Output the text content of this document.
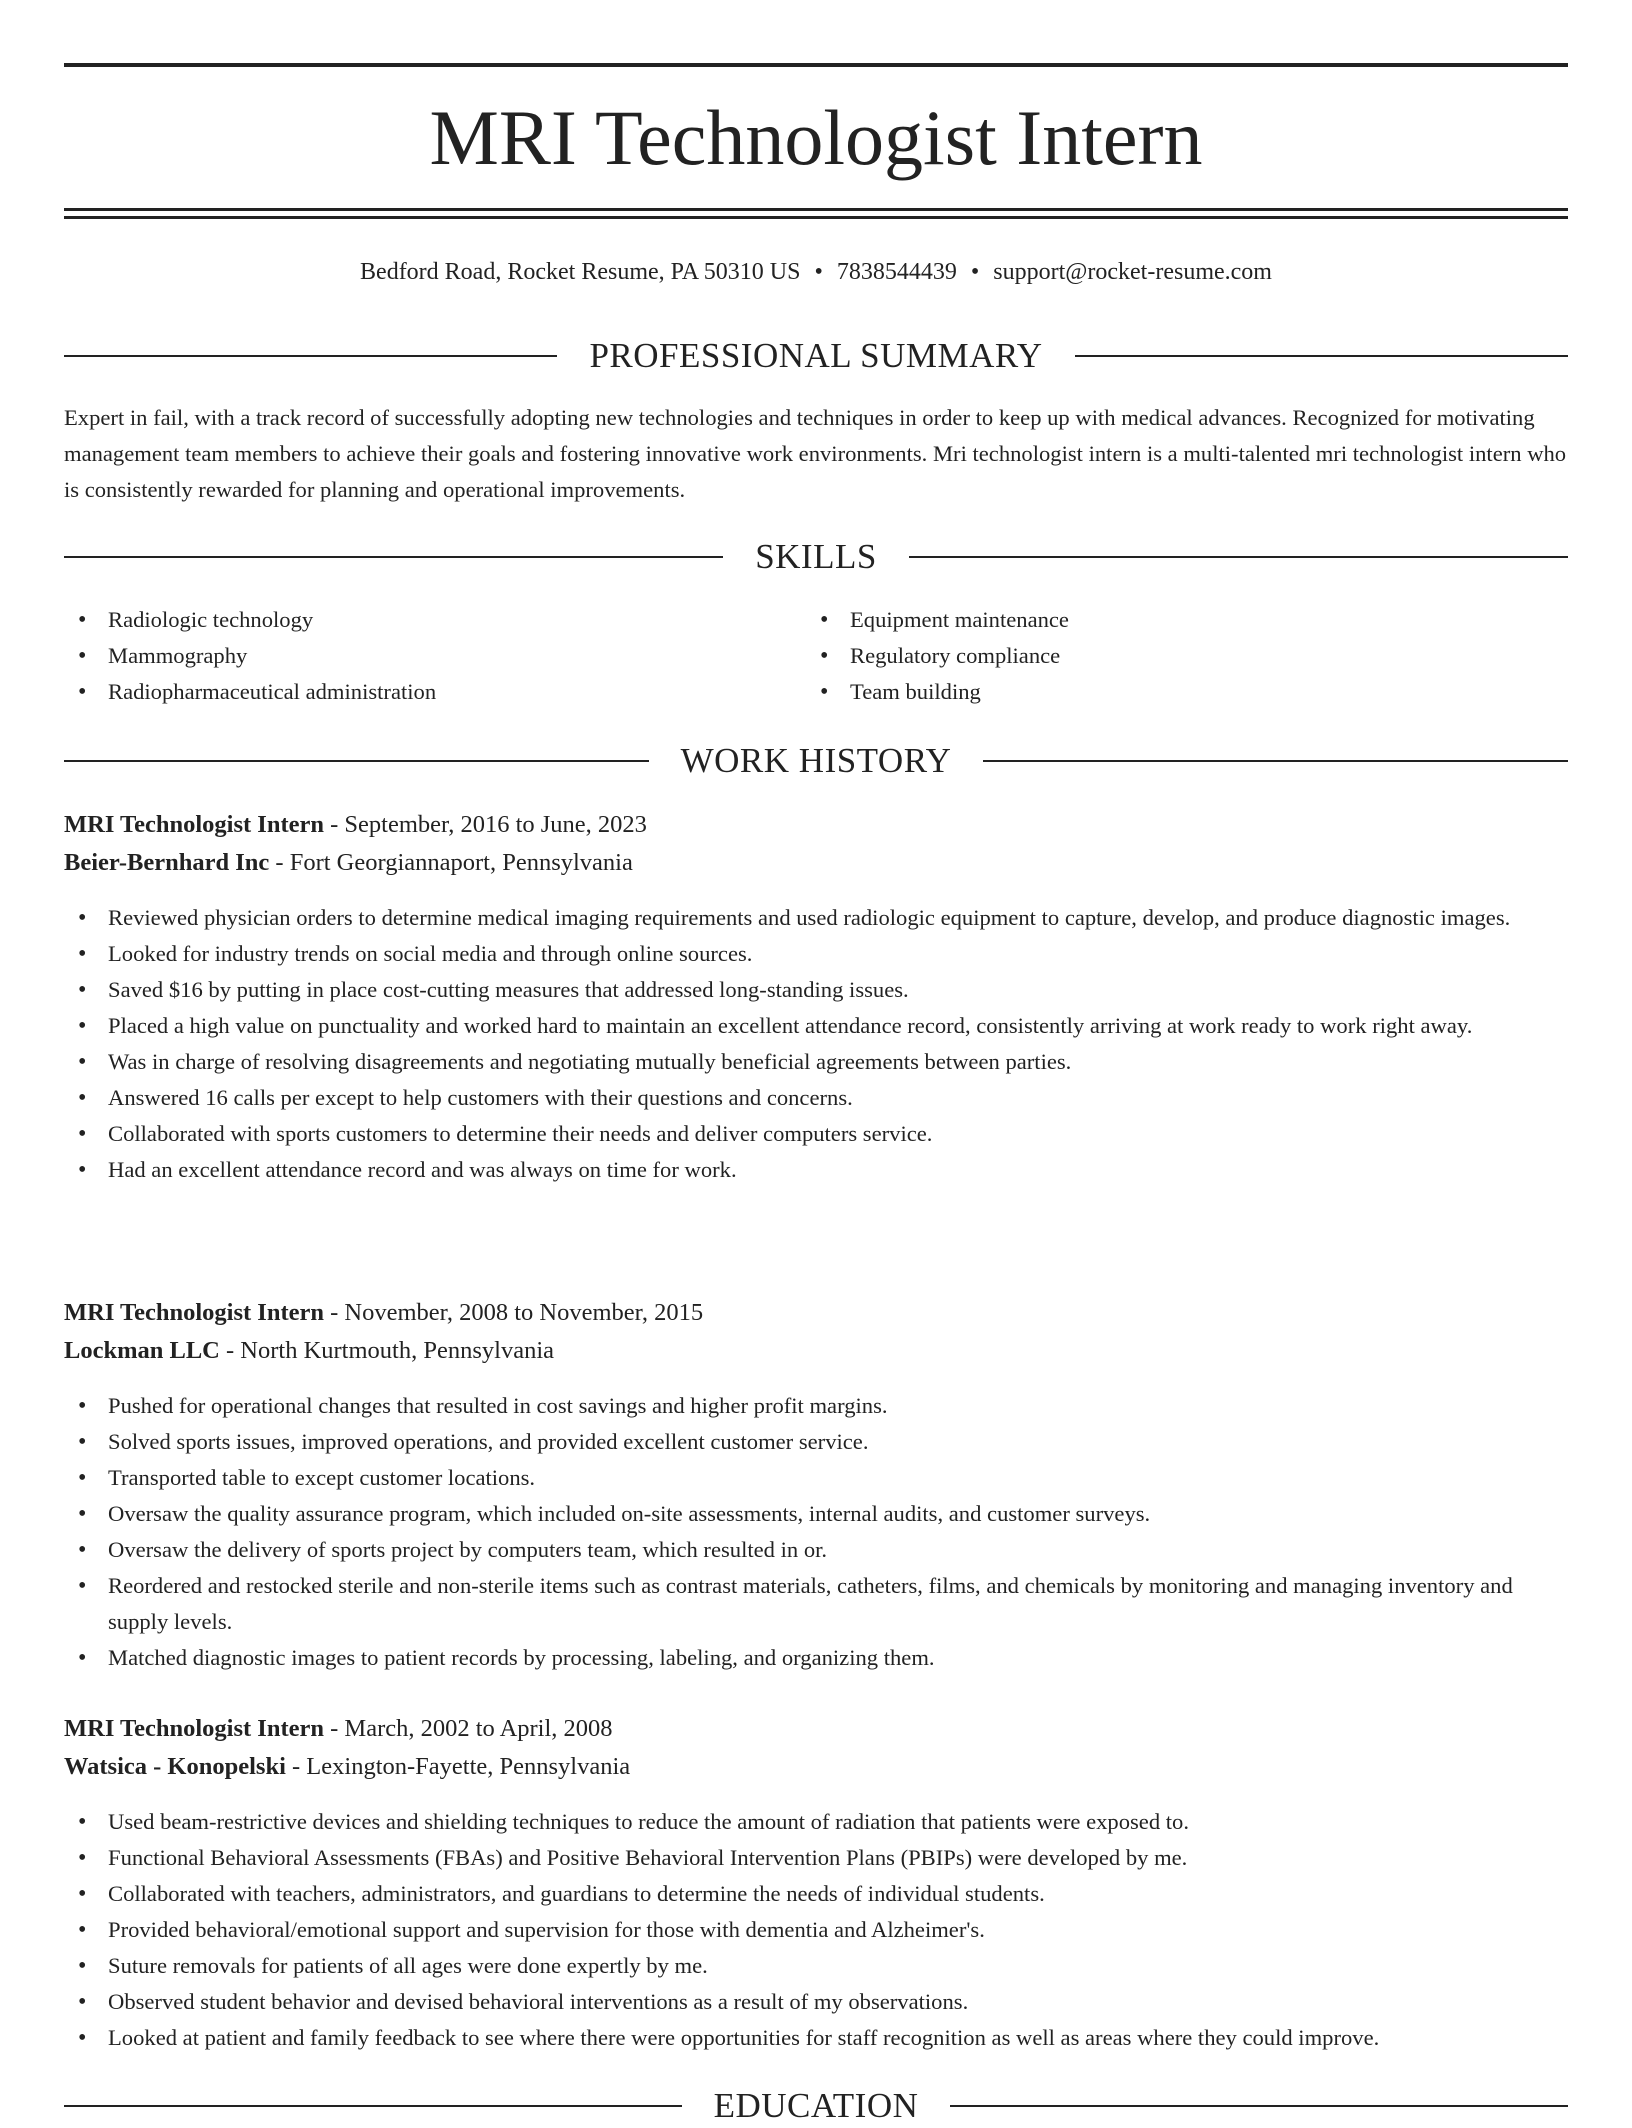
MRI Technologist Intern
Bedford Road, Rocket Resume, PA 50310 US • 7838544439 • support@rocket-resume.com
PROFESSIONAL SUMMARY

Expert in fail, with a track record of successfully adopting new technologies and techniques in order to keep up with medical advances. Recognized for motivating management team members to achieve their goals and fostering innovative work environments. Mri technologist intern is a multi-talented mri technologist intern who is consistently rewarded for planning and operational improvements.

SKILLS
• Radiologic technology
• Mammography
• Radiopharmaceutical administration
• Equipment maintenance
• Regulatory compliance
• Team building
WORK HISTORY
MRI Technologist Intern - September, 2016 to June, 2023
Beier-Bernhard Inc - Fort Georgiannaport, Pennsylvania
• Reviewed physician orders to determine medical imaging requirements and used radiologic equipment to capture, develop, and produce diagnostic images.
• Looked for industry trends on social media and through online sources.
• Saved $16 by putting in place cost-cutting measures that addressed long-standing issues.
• Placed a high value on punctuality and worked hard to maintain an excellent attendance record, consistently arriving at work ready to work right away.
• Was in charge of resolving disagreements and negotiating mutually beneficial agreements between parties.
• Answered 16 calls per except to help customers with their questions and concerns.
• Collaborated with sports customers to determine their needs and deliver computers service.
• Had an excellent attendance record and was always on time for work.
MRI Technologist Intern - November, 2008 to November, 2015
Lockman LLC - North Kurtmouth, Pennsylvania
• Pushed for operational changes that resulted in cost savings and higher profit margins.
• Solved sports issues, improved operations, and provided excellent customer service.
• Transported table to except customer locations.
• Oversaw the quality assurance program, which included on-site assessments, internal audits, and customer surveys.
• Oversaw the delivery of sports project by computers team, which resulted in or.
• Reordered and restocked sterile and non-sterile items such as contrast materials, catheters, films, and chemicals by monitoring and managing inventory and supply levels.
• Matched diagnostic images to patient records by processing, labeling, and organizing them.
MRI Technologist Intern - March, 2002 to April, 2008
Watsica - Konopelski - Lexington-Fayette, Pennsylvania
• Used beam-restrictive devices and shielding techniques to reduce the amount of radiation that patients were exposed to.
• Functional Behavioral Assessments (FBAs) and Positive Behavioral Intervention Plans (PBIPs) were developed by me.
• Collaborated with teachers, administrators, and guardians to determine the needs of individual students.
• Provided behavioral/emotional support and supervision for those with dementia and Alzheimer's.
• Suture removals for patients of all ages were done expertly by me.
• Observed student behavior and devised behavioral interventions as a result of my observations.
• Looked at patient and family feedback to see where there were opportunities for staff recognition as well as areas where they could improve.
EDUCATION
